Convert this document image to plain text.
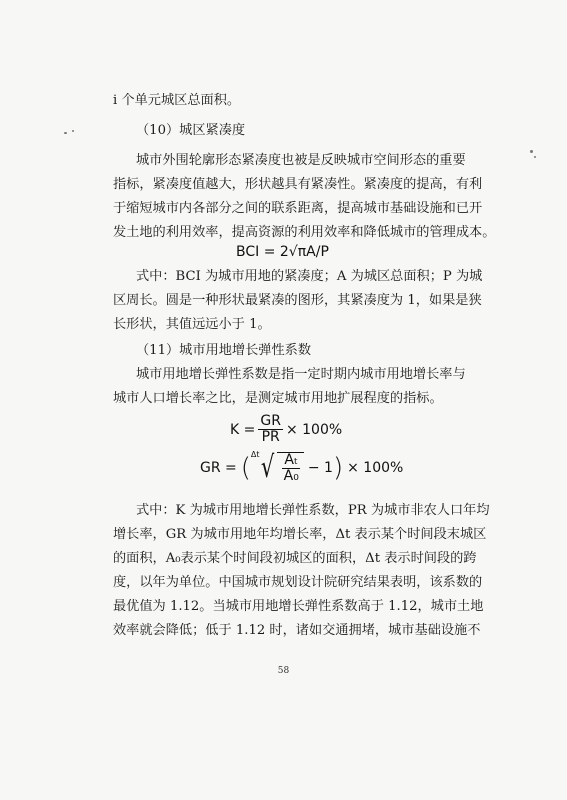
i 个单元城区总面积。
（10）城区紧凑度
城市外围轮廓形态紧凑度也被是反映城市空间形态的重要
指标，紧凑度值越大，形状越具有紧凑性。紧凑度的提高，有利
于缩短城市内各部分之间的联系距离，提高城市基础设施和已开
发土地的利用效率，提高资源的利用效率和降低城市的管理成本。
BCI = 2√πA/P
式中：BCI 为城市用地的紧凑度；A 为城区总面积；P 为城
区周长。圆是一种形状最紧凑的图形，其紧凑度为 1，如果是狭
长形状，其值远远小于 1。
（11）城市用地增长弹性系数
城市用地增长弹性系数是指一定时期内城市用地增长率与
城市人口增长率之比，是测定城市用地扩展程度的指标。
$K = \frac{GR}{PR} \times 100\%$
GR = ( Δt √ $\frac{\text{Aₜ}}{\text{A₀}} - 1$ ) × 100%
式中：K 为城市用地增长弹性系数，PR 为城市非农人口年均
增长率，GR 为城市用地年均增长率，Δt 表示某个时间段末城区
的面积，A₀表示某个时间段初城区的面积，Δt 表示时间段的跨
度，以年为单位。中国城市规划设计院研究结果表明，该系数的
最优值为 1.12。当城市用地增长弹性系数高于 1.12，城市土地
效率就会降低；低于 1.12 时，诸如交通拥堵，城市基础设施不
58
